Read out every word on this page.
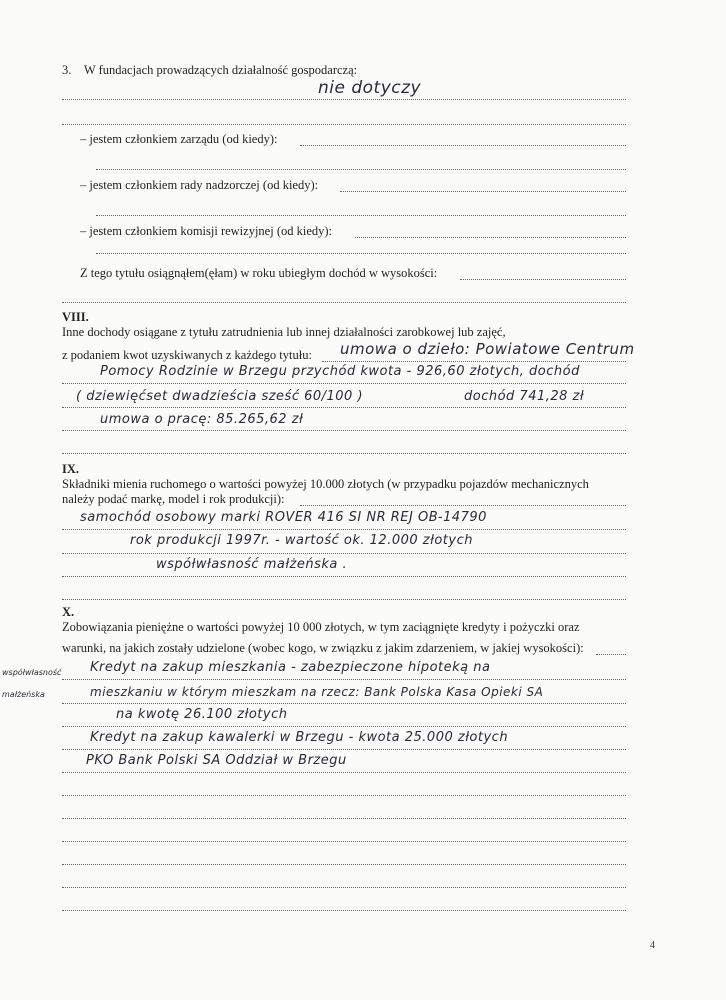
3. W fundacjach prowadzących działalność gospodarczą:
nie dotyczy
– jestem członkiem zarządu (od kiedy):
– jestem członkiem rady nadzorczej (od kiedy):
– jestem członkiem komisji rewizyjnej (od kiedy):
Z tego tytułu osiągnąłem(ęłam) w roku ubiegłym dochód w wysokości:
VIII.
Inne dochody osiągane z tytułu zatrudnienia lub innej działalności zarobkowej lub zajęć,
z podaniem kwot uzyskiwanych z każdego tytułu: umowa o dzieło: Powiatowe Centrum
Pomocy Rodzinie w Brzegu przychód kwota - 926,60 złotych, dochód
( dziewięćset dwadzieścia sześć 60/100 )	dochód 741,28 zł
umowa o pracę: 85.265,62 zł
IX.
Składniki mienia ruchomego o wartości powyżej 10.000 złotych (w przypadku pojazdów mechanicznych
należy podać markę, model i rok produkcji):
samochód osobowy marki ROVER 416 SI NR REJ OB-14790
rok produkcji 1997r. - wartość ok. 12.000 złotych
współwłasność małżeńska .
X.
Zobowiązania pieniężne o wartości powyżej 10 000 złotych, w tym zaciągnięte kredyty i pożyczki oraz
warunki, na jakich zostały udzielone (wobec kogo, w związku z jakim zdarzeniem, w jakiej wysokości):
współwłasność
małżeńska
Kredyt na zakup mieszkania - zabezpieczone hipoteką na
mieszkaniu w którym mieszkam na rzecz: Bank Polska Kasa Opieki SA
na kwotę 26.100 złotych
Kredyt na zakup kawalerki w Brzegu - kwota 25.000 złotych
PKO Bank Polski SA Oddział w Brzegu
4
